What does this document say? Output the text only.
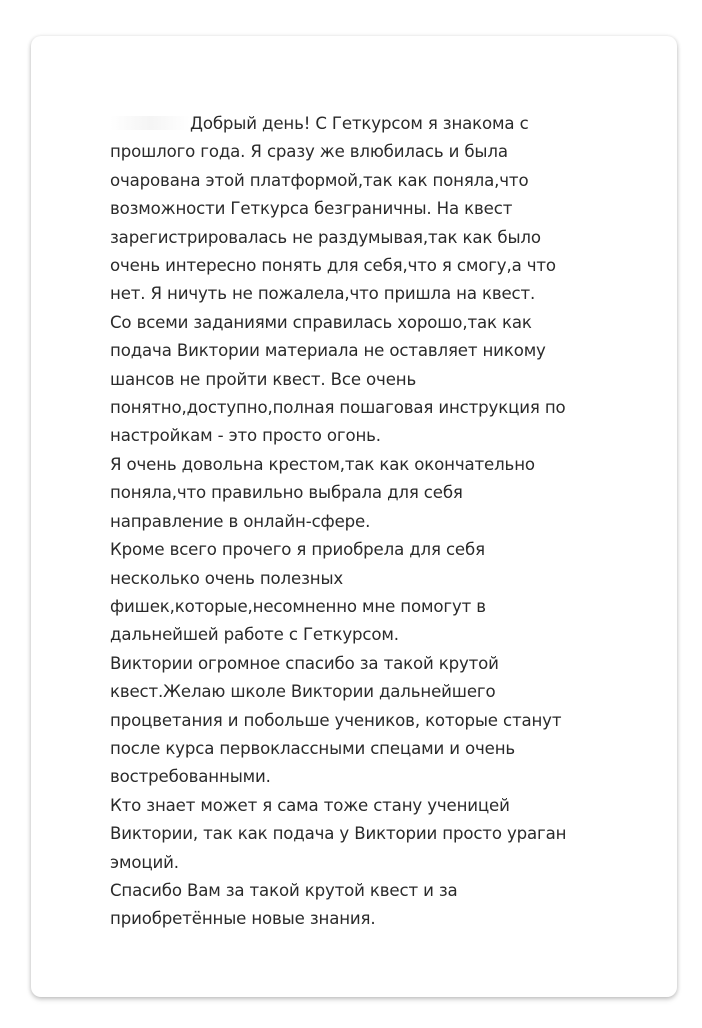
Добрый день! С Геткурсом я знакома с
прошлого года. Я сразу же влюбилась и была
очарована этой платформой,так как поняла,что
возможности Геткурса безграничны. На квест
зарегистрировалась не раздумывая,так как было
очень интересно понять для себя,что я смогу,а что
нет. Я ничуть не пожалела,что пришла на квест.
Со всеми заданиями справилась хорошо,так как
подача Виктории материала не оставляет никому
шансов не пройти квест. Все очень
понятно,доступно,полная пошаговая инструкция по
настройкам - это просто огонь.
Я очень довольна крестом,так как окончательно
поняла,что правильно выбрала для себя
направление в онлайн-сфере.
Кроме всего прочего я приобрела для себя
несколько очень полезных
фишек,которые,несомненно мне помогут в
дальнейшей работе с Геткурсом.
Виктории огромное спасибо за такой крутой
квест.Желаю школе Виктории дальнейшего
процветания и побольше учеников, которые станут
после курса первоклассными спецами и очень
востребованными.
Кто знает может я сама тоже стану ученицей
Виктории, так как подача у Виктории просто ураган
эмоций.
Спасибо Вам за такой крутой квест и за
приобретённые новые знания.
